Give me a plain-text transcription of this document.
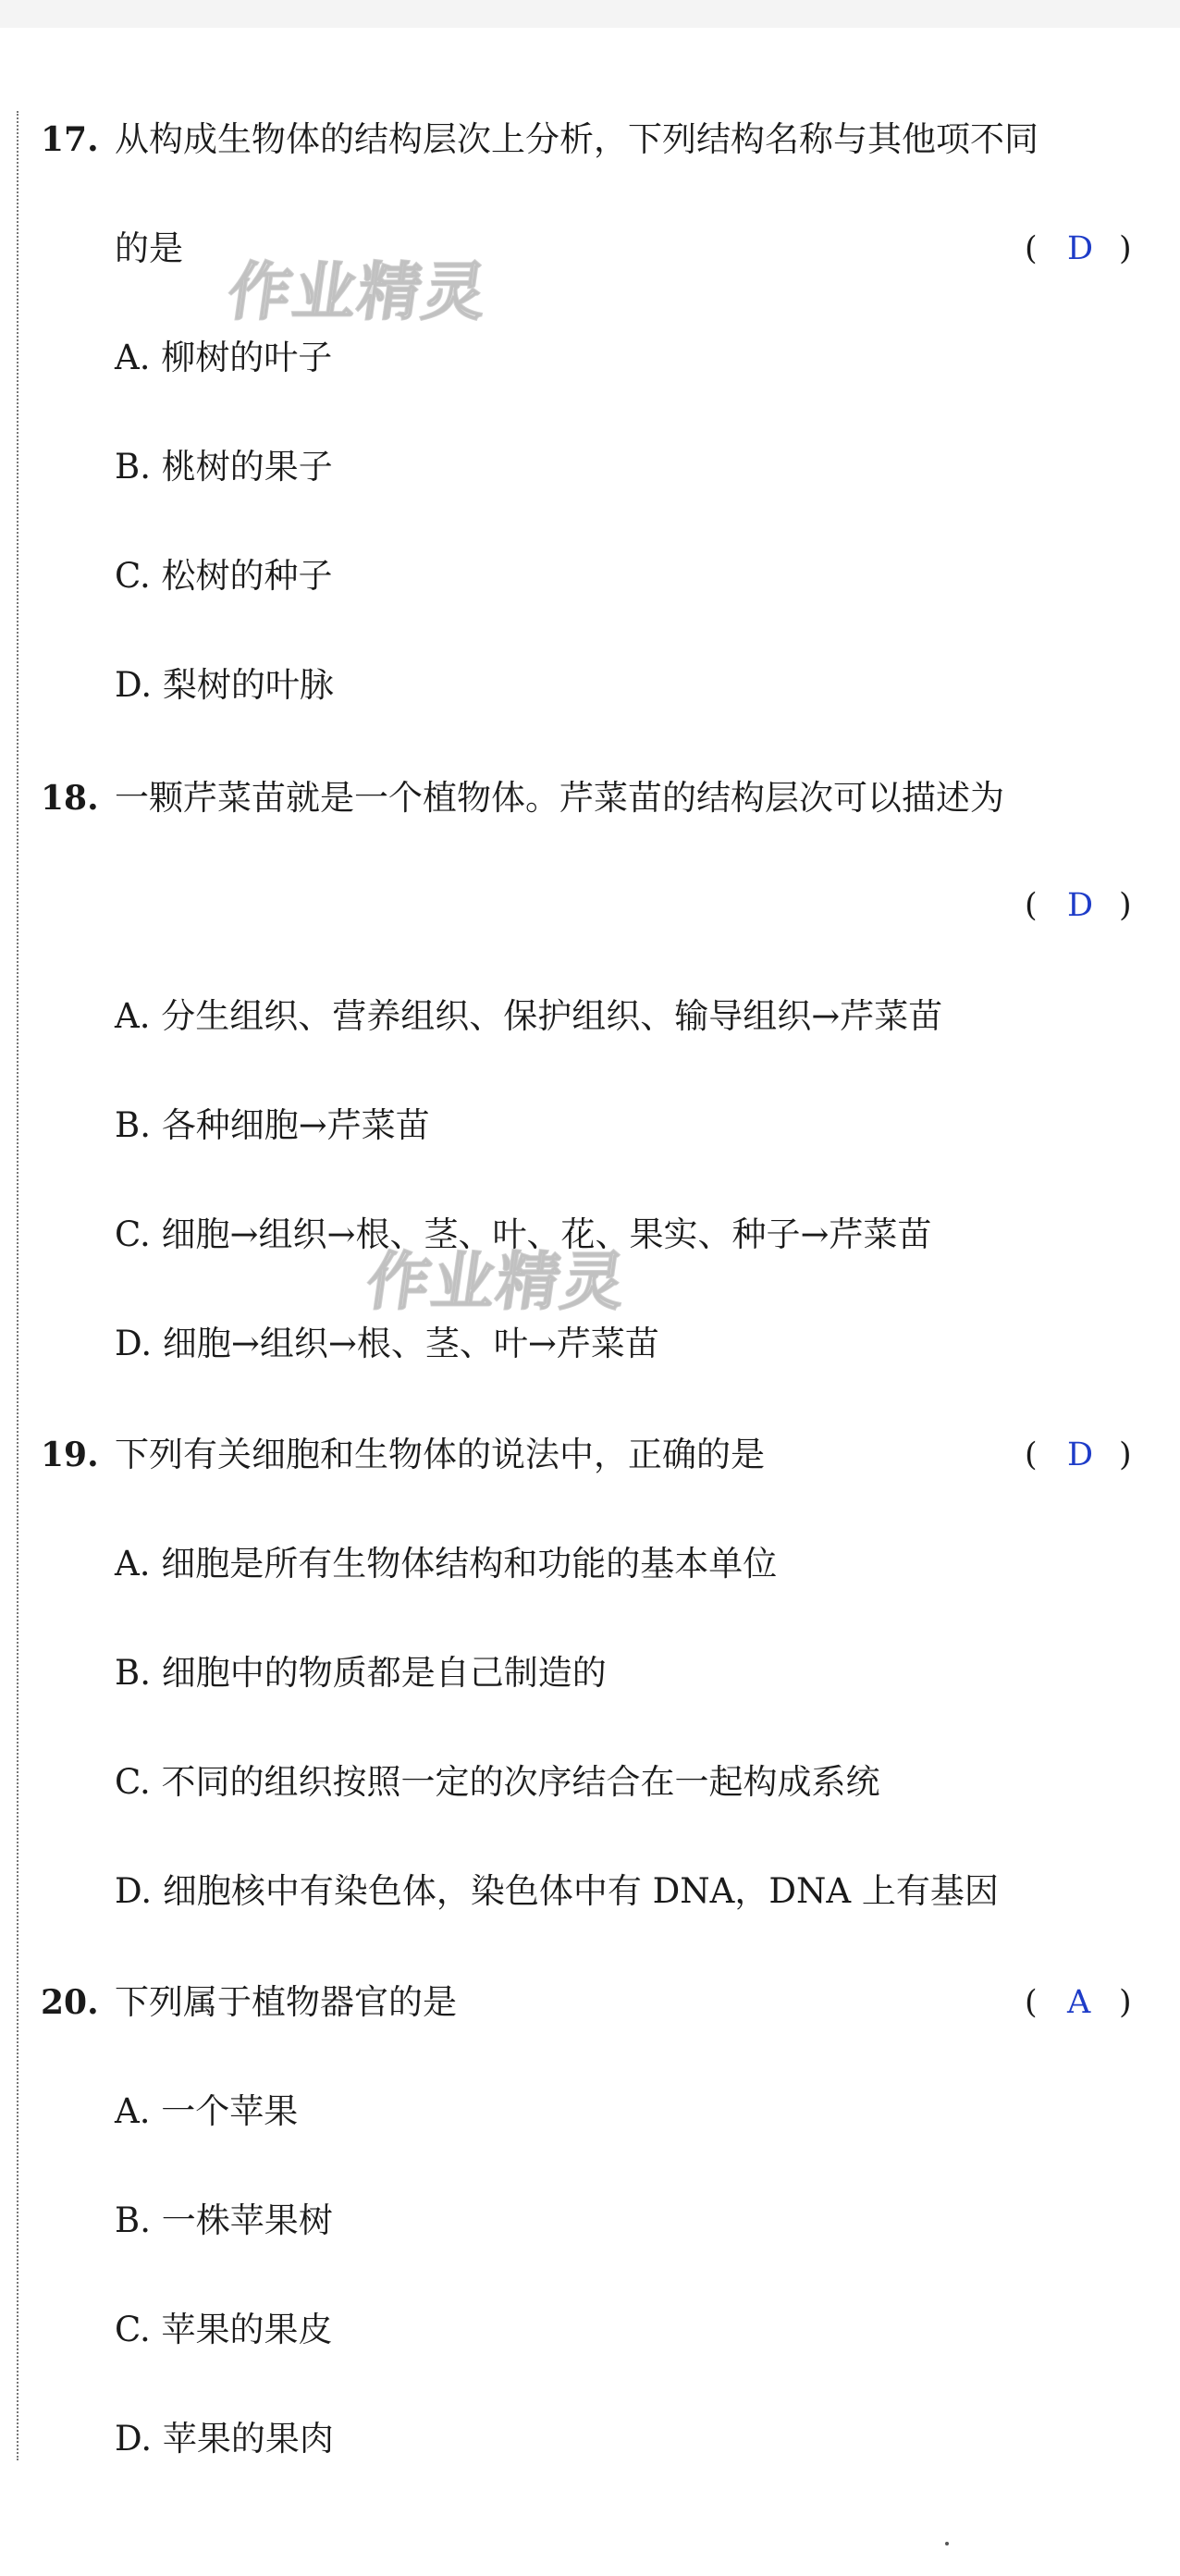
17. 从构成生物体的结构层次上分析，下列结构名称与其他项不同
的是	( D )
A. 柳树的叶子
B. 桃树的果子
C. 松树的种子
D. 梨树的叶脉
18. 一颗芹菜苗就是一个植物体。芹菜苗的结构层次可以描述为
( D )
A. 分生组织、营养组织、保护组织、输导组织→芹菜苗
B. 各种细胞→芹菜苗
C. 细胞→组织→根、茎、叶、花、果实、种子→芹菜苗
D. 细胞→组织→根、茎、叶→芹菜苗
19. 下列有关细胞和生物体的说法中，正确的是	( D )
A. 细胞是所有生物体结构和功能的基本单位
B. 细胞中的物质都是自己制造的
C. 不同的组织按照一定的次序结合在一起构成系统
D. 细胞核中有染色体，染色体中有 DNA，DNA 上有基因
20. 下列属于植物器官的是	( A )
A. 一个苹果
B. 一株苹果树
C. 苹果的果皮
D. 苹果的果肉
作业精灵
作业精灵
